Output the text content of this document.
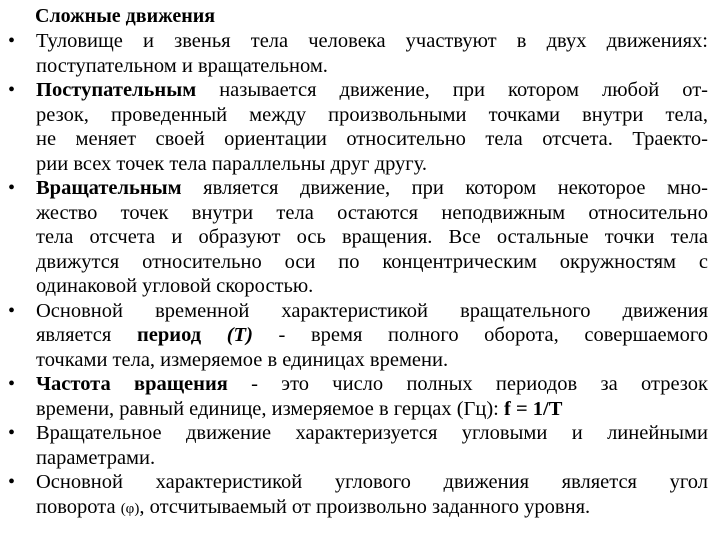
Сложные движения
• Туловище и звенья тела человека участвуют в двух движениях:
поступательном и вращательном.
• Поступательным называется движение, при котором любой от-
резок, проведенный между произвольными точками внутри тела,
не меняет своей ориентации относительно тела отсчета. Траекто-
рии всех точек тела параллельны друг другу.
• Вращательным является движение, при котором некоторое мно-
жество точек внутри тела остаются неподвижным относительно
тела отсчета и образуют ось вращения. Все остальные точки тела
движутся относительно оси по концентрическим окружностям с
одинаковой угловой скоростью.
• Основной временной характеристикой вращательного движения
является период (T) - время полного оборота, совершаемого
точками тела, измеряемое в единицах времени.
• Частота вращения - это число полных периодов за отрезок
времени, равный единице, измеряемое в герцах (Гц): f = 1/T
• Вращательное движение характеризуется угловыми и линейными
параметрами.
• Основной характеристикой углового движения является угол
поворота (φ), отсчитываемый от произвольно заданного уровня.
